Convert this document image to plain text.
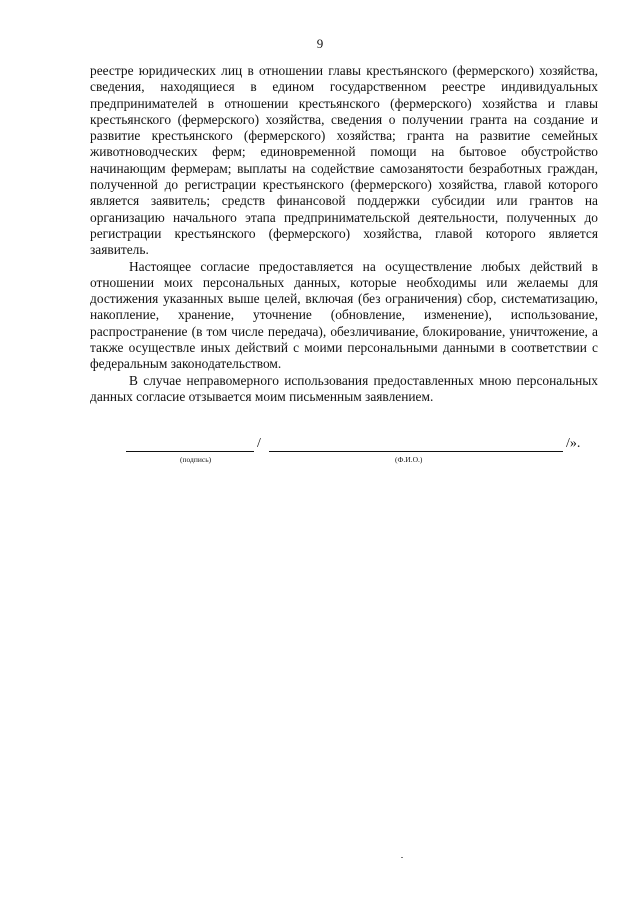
9

реестре юридических лиц в отношении главы крестьянского (фермерского) хозяйства, сведения, находящиеся в едином государственном реестре индивидуальных предпринимателей в отношении крестьянского (фермерского) хозяйства и главы крестьянского (фермерского) хозяйства, сведения о получении гранта на создание и развитие крестьянского (фермерского) хозяйства; гранта на развитие семейных животноводческих ферм; единовременной помощи на бытовое обустройство начинающим фермерам; выплаты на содействие самозанятости безработных граждан, полученной до регистрации крестьянского (фермерского) хозяйства, главой которого является заявитель; средств финансовой поддержки субсидии или грантов на организацию начального этапа предпринимательской деятельности, полученных до регистрации крестьянского (фермерского) хозяйства, главой которого является заявитель.

Настоящее согласие предоставляется на осуществление любых действий в отношении моих персональных данных, которые необходимы или желаемы для достижения указанных выше целей, включая (без ограничения) сбор, систематизацию, накопление, хранение, уточнение (обновление, изменение), использование, распространение (в том числе передача), обезличивание, блокирование, уничтожение, а также осуществле иных действий с моими персональными данными в соответствии с федеральным законодательством.

В случае неправомерного использования предоставленных мною персональных данных согласие отзывается моим письменным заявлением.

/	/».
(подпись)	(Ф.И.О.)
